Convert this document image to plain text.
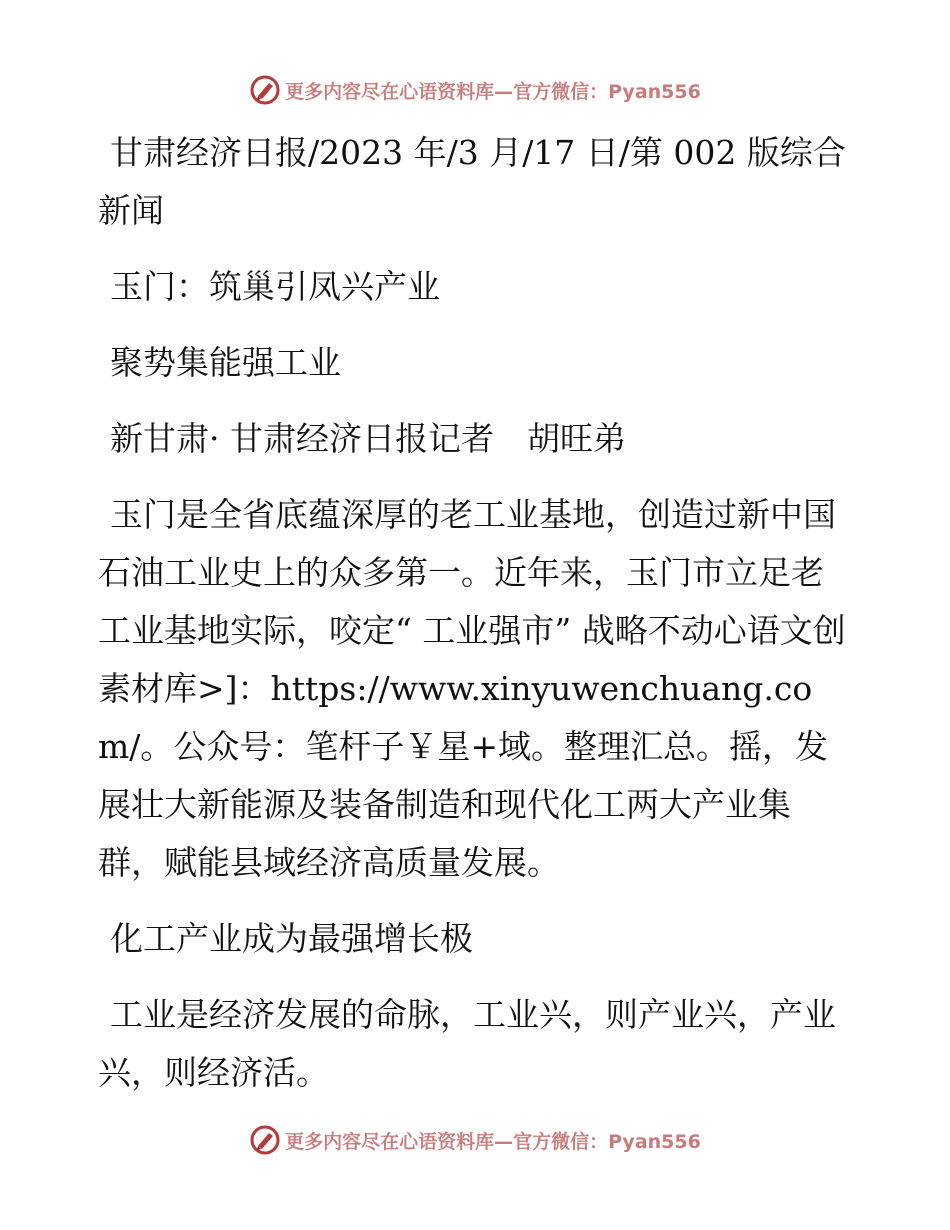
更多内容尽在心语资料库—官方微信：Pyan556

甘肃经济日报/2023 年/3 月/17 日/第 002 版综合新闻

玉门：筑巢引凤兴产业

聚势集能强工业

新甘肃· 甘肃经济日报记者　胡旺弟

玉门是全省底蕴深厚的老工业基地，创造过新中国石油工业史上的众多第一。近年来，玉门市立足老工业基地实际，咬定“ 工业强市” 战略不动心语文创素材库>]：https://www.xinyuwenchuang.com/。公众号：笔杆子￥星+域。整理汇总。摇，发展壮大新能源及装备制造和现代化工两大产业集群，赋能县域经济高质量发展。

化工产业成为最强增长极

工业是经济发展的命脉，工业兴，则产业兴，产业兴，则经济活。

更多内容尽在心语资料库—官方微信：Pyan556
